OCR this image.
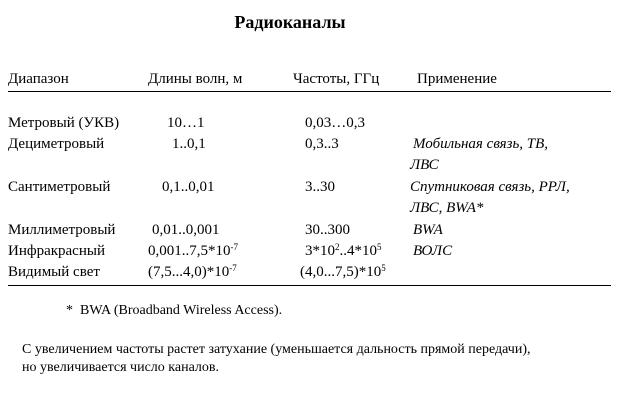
Радиоканалы
Диапазон	Длины волн, м	Частоты, ГГц	Применение
Метровый (УКВ)	10…1	0,03…0,3
Дециметровый	1..0,1	0,3..3	Мобильная связь, ТВ,
ЛВС
Сантиметровый	0,1..0,01	3..30	Спутниковая связь, РРЛ,
ЛВС, BWA*
Миллиметровый 0,01..0,001	30..300	BWA
Инфракрасный	$0,001..7,5*10^{-7}$	$3*10^2..4*10^5$ ВОЛС
Видимый свет	$(7,5...4,0)*10^{-7}$	$(4,0...7,5)*10^5$
*  BWA (Broadband Wireless Access).
С увеличением частоты растет затухание (уменьшается дальность прямой передачи), но увеличивается число каналов.
